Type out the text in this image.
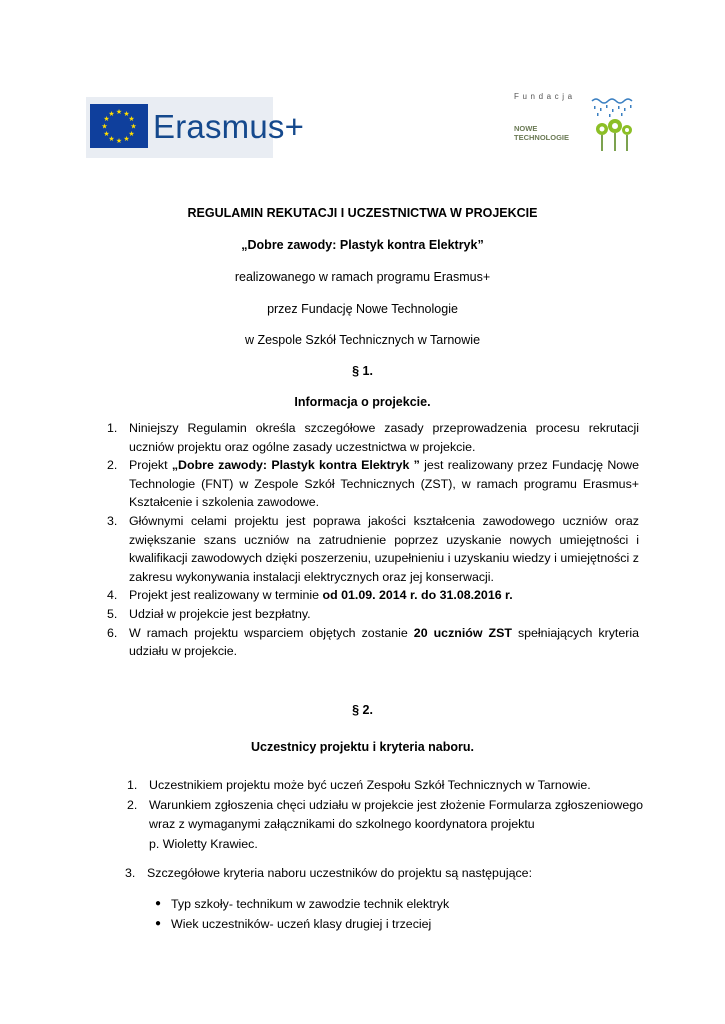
★ ★
★
★
★
★
★
★
★
★
★
★ Erasmus+
Fundacja
NOWE
TECHNOLOGIE
REGULAMIN REKUTACJI I UCZESTNICTWA W PROJEKCIE
„Dobre zawody: Plastyk kontra Elektryk”
realizowanego w ramach programu Erasmus+
przez Fundację Nowe Technologie
w Zespole Szkół Technicznych w Tarnowie
§ 1.
Informacja o projekcie.
1. Niniejszy Regulamin określa szczegółowe zasady przeprowadzenia procesu rekrutacji uczniów projektu oraz ogólne zasady uczestnictwa w projekcie.
2. Projekt „Dobre zawody: Plastyk kontra Elektryk ” jest realizowany przez Fundację Nowe Technologie (FNT) w Zespole Szkół Technicznych (ZST), w ramach programu Erasmus+ Kształcenie i szkolenia zawodowe.
3. Głównymi celami projektu jest poprawa jakości kształcenia zawodowego uczniów oraz zwiększanie szans uczniów na zatrudnienie poprzez uzyskanie nowych umiejętności i kwalifikacji zawodowych dzięki poszerzeniu, uzupełnieniu i uzyskaniu wiedzy i umiejętności z zakresu wykonywania instalacji elektrycznych oraz jej konserwacji.
4. Projekt jest realizowany w terminie od 01.09. 2014 r. do 31.08.2016 r.
5. Udział w projekcie jest bezpłatny.
6. W ramach projektu wsparciem objętych zostanie 20 uczniów ZST spełniających kryteria udziału w projekcie.
§ 2.
Uczestnicy projektu i kryteria naboru.
1. Uczestnikiem projektu może być uczeń Zespołu Szkół Technicznych w Tarnowie.
2. Warunkiem zgłoszenia chęci udziału w projekcie jest złożenie Formularza zgłoszeniowego
wraz z wymaganymi załącznikami do szkolnego koordynatora projektu
p. Wioletty Krawiec.
3. Szczegółowe kryteria naboru uczestników do projektu są następujące:
● Typ szkoły- technikum w zawodzie technik elektryk
● Wiek uczestników- uczeń klasy drugiej i trzeciej
